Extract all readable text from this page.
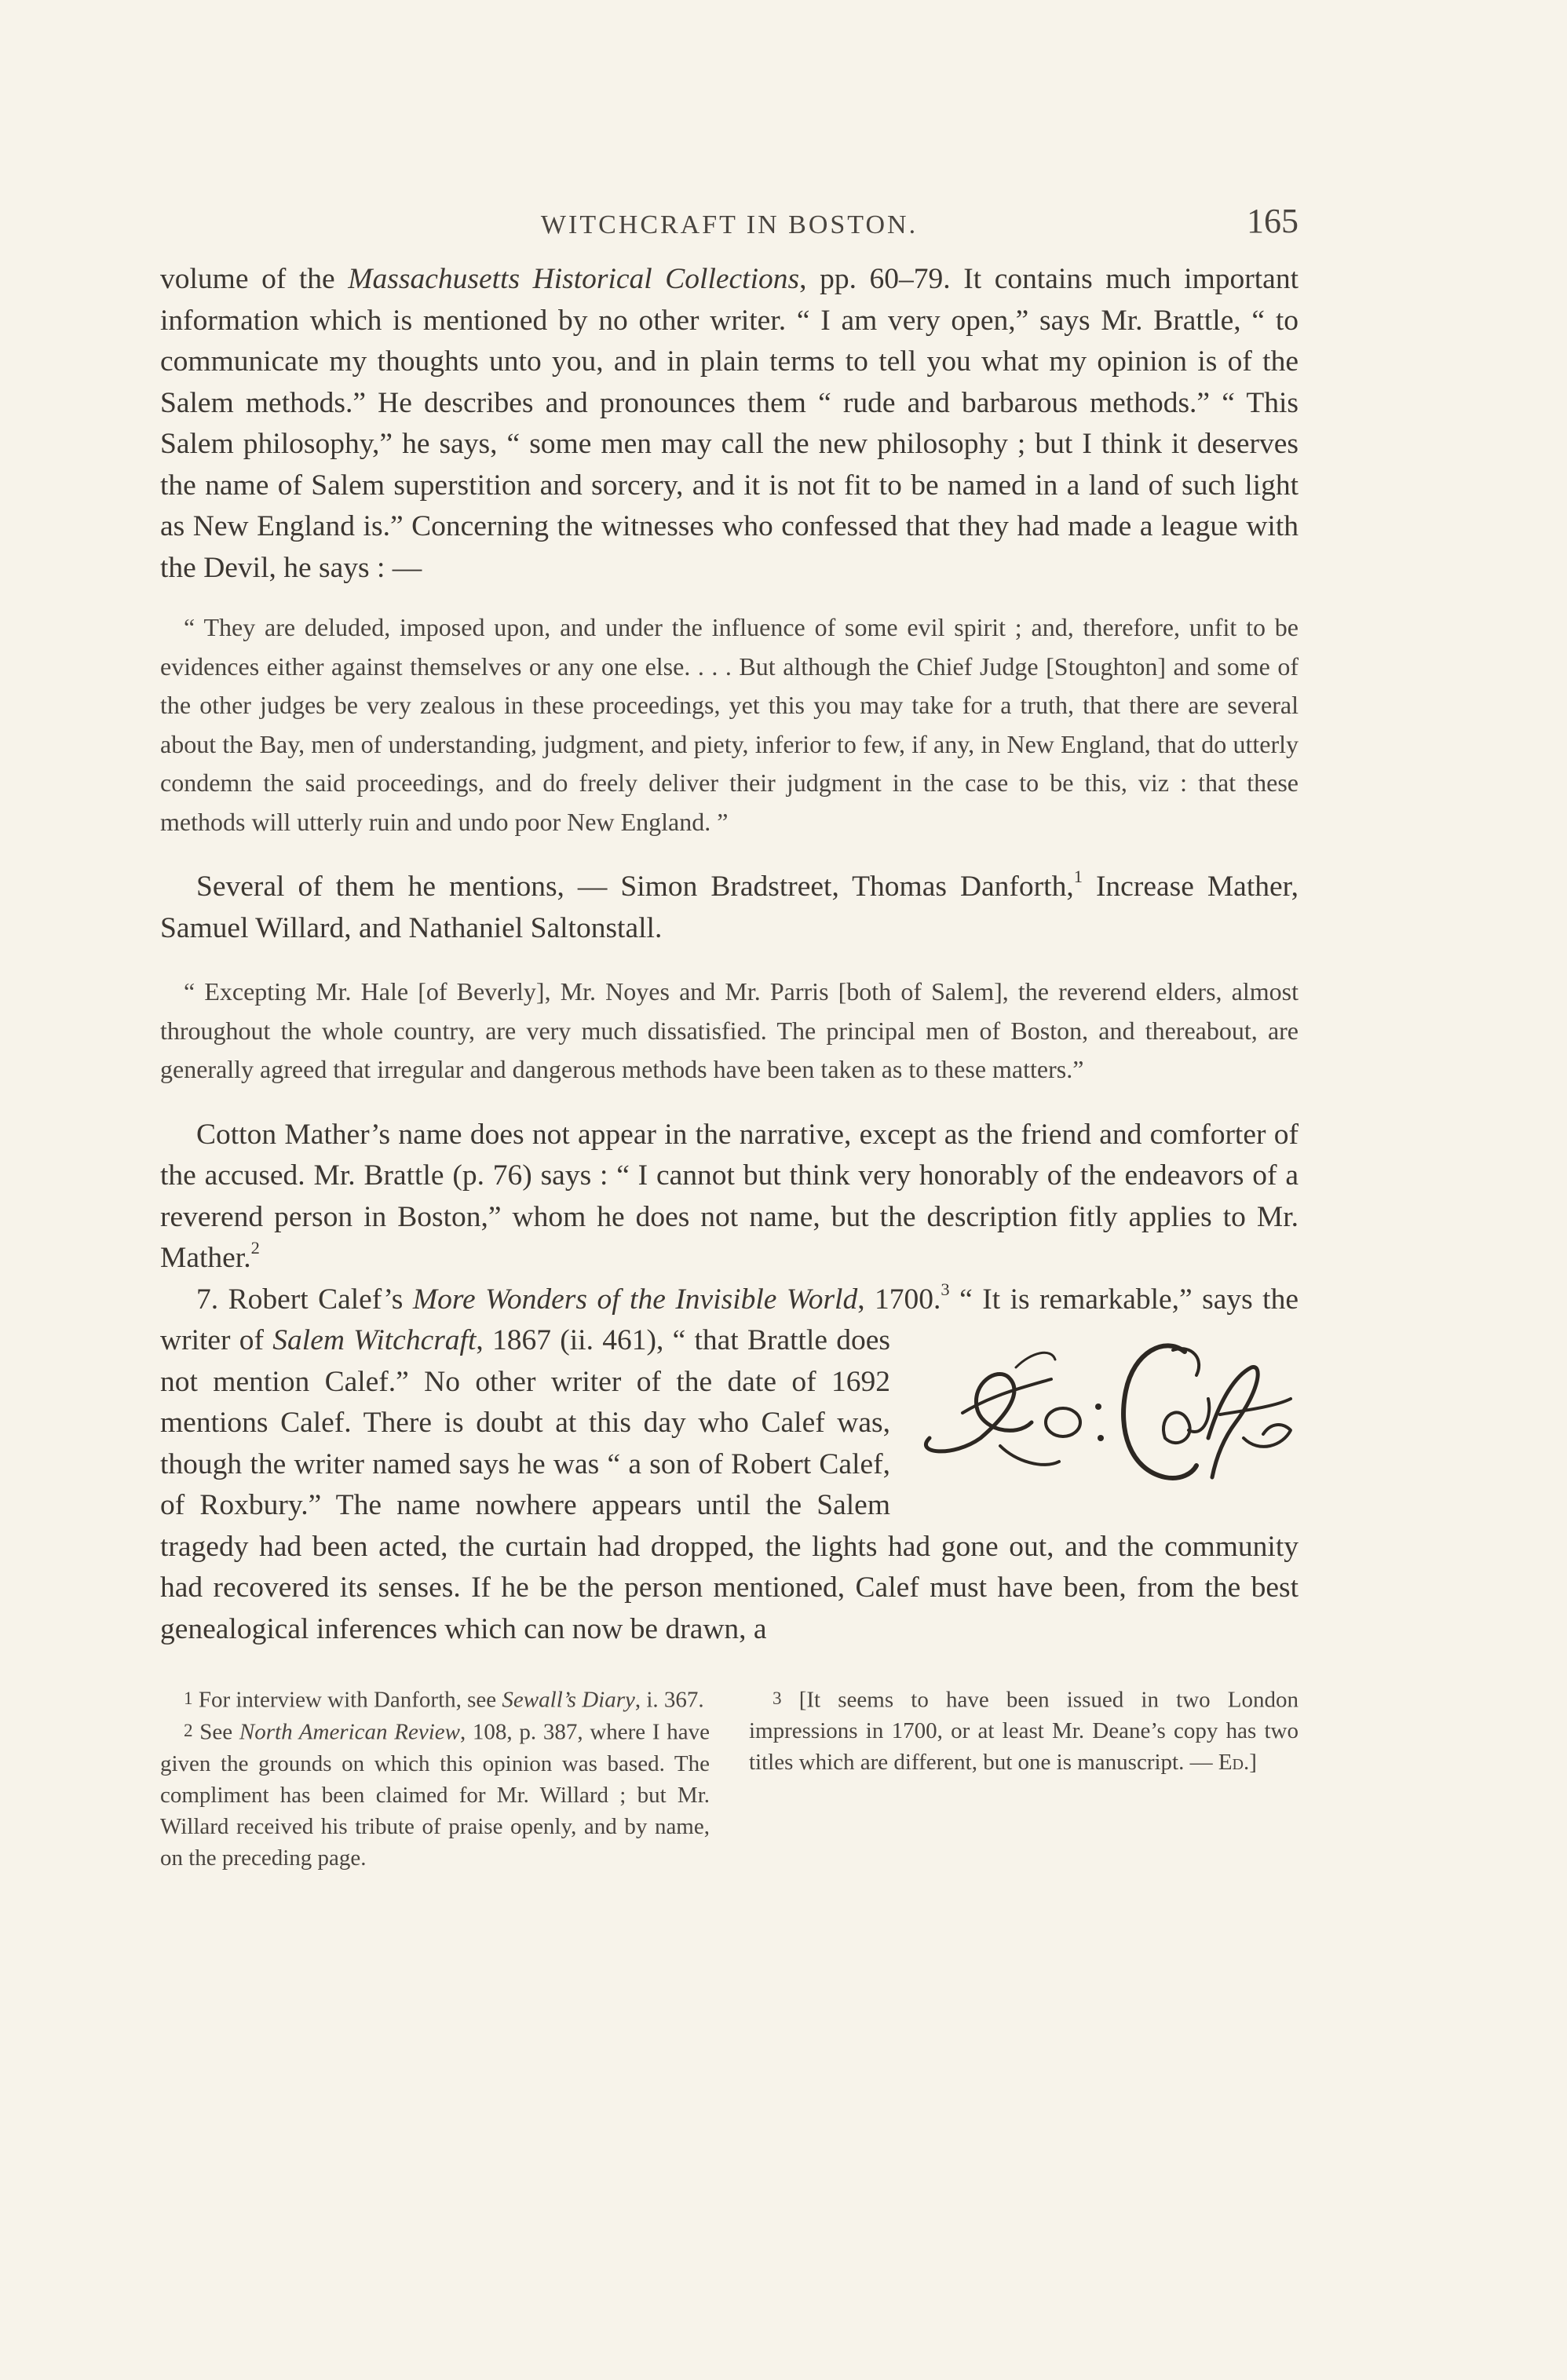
WITCHCRAFT IN BOSTON.	165

volume of the Massachusetts Historical Collections, pp. 60–79. It contains much important information which is mentioned by no other writer. “ I am very open,” says Mr. Brattle, “ to communicate my thoughts unto you, and in plain terms to tell you what my opinion is of the Salem methods.” He describes and pronounces them “ rude and barbarous methods.” “ This Salem philosophy,” he says, “ some men may call the new philosophy ; but I think it deserves the name of Salem superstition and sorcery, and it is not fit to be named in a land of such light as New England is.” Concerning the witnesses who confessed that they had made a league with the Devil, he says : —

“ They are deluded, imposed upon, and under the influence of some evil spirit ; and, therefore, unfit to be evidences either against themselves or any one else. . . . But although the Chief Judge [Stoughton] and some of the other judges be very zealous in these proceedings, yet this you may take for a truth, that there are several about the Bay, men of understanding, judgment, and piety, inferior to few, if any, in New England, that do utterly condemn the said proceedings, and do freely deliver their judgment in the case to be this, viz : that these methods will utterly ruin and undo poor New England. ”

Several of them he mentions, — Simon Bradstreet, Thomas Danforth,$^1$ Increase Mather, Samuel Willard, and Nathaniel Saltonstall.

“ Excepting Mr. Hale [of Beverly], Mr. Noyes and Mr. Parris [both of Salem], the reverend elders, almost throughout the whole country, are very much dissatisfied. The principal men of Boston, and thereabout, are generally agreed that irregular and dangerous methods have been taken as to these matters.”

Cotton Mather’s name does not appear in the narrative, except as the friend and comforter of the accused. Mr. Brattle (p. 76) says : “ I cannot but think very honorably of the endeavors of a reverend person in Boston,” whom he does not name, but the description fitly applies to Mr. Mather.$^2$

7. Robert Calef’s More Wonders of the Invisible World, 1700.$^3$ “ It is remarkable,” says the writer of Salem Witchcraft
, 1867 (ii. 461), “ that Brattle does not mention Calef.” No other writer of the date of 1692 mentions Calef. There is doubt at this day who Calef was, though the writer named says he was “ a son of Robert Calef, of Roxbury.” The name nowhere appears until the Salem tragedy had been acted, the curtain had dropped, the lights had gone out, and the community had recovered its senses. If he be the person mentioned, Calef must have been, from the best genealogical inferences which can now be drawn, a

1 For interview with Danforth, see Sewall’s Diary, i. 367.

2 See North American Review, 108, p. 387, where I have given the grounds on which this opinion was based. The compliment has been claimed for Mr. Willard ; but Mr. Willard received his tribute of praise openly, and by name, on the preceding page.

3 [It seems to have been issued in two London impressions in 1700, or at least Mr. Deane’s copy has two titles which are different, but one is manuscript. — Ed.]
